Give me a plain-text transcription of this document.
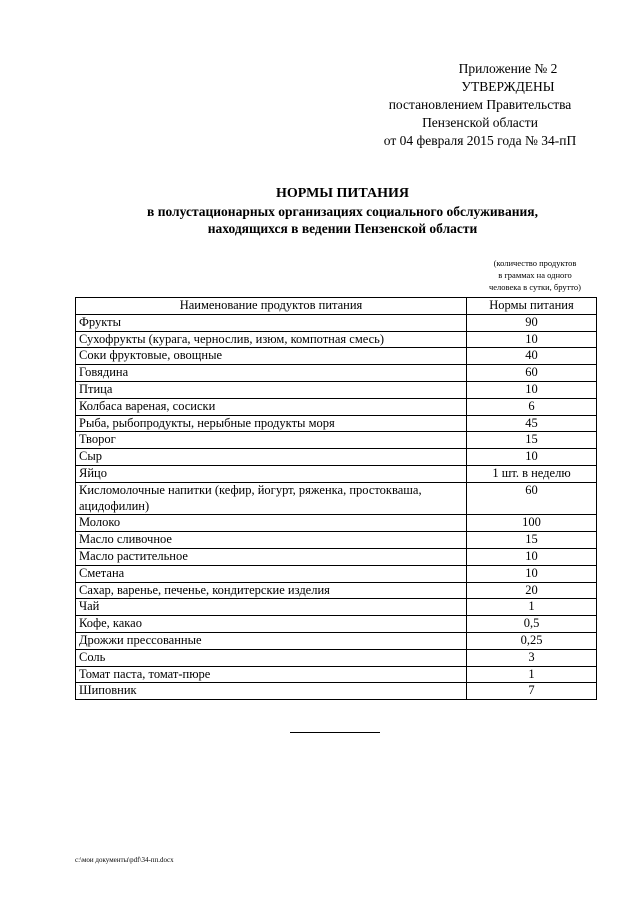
Приложение № 2
УТВЕРЖДЕНЫ
постановлением Правительства
Пензенской области
от 04 февраля 2015 года № 34-пП
НОРМЫ ПИТАНИЯ
в полустационарных организациях социального обслуживания,
находящихся в ведении Пензенской области
(количество продуктов
в граммах на одного
человека в сутки, брутто)
Наименование продуктов питания	Нормы питания
Фрукты	90
Сухофрукты (курага, чернослив, изюм, компотная смесь)	10
Соки фруктовые, овощные	40
Говядина	60
Птица	10
Колбаса вареная, сосиски	6
Рыба, рыбопродукты, нерыбные продукты моря	45
Творог	15
Сыр	10
Яйцо	1 шт. в неделю
Кисломолочные напитки (кефир, йогурт, ряженка, простокваша, ацидофилин)	60
Молоко	100
Масло сливочное	15
Масло растительное	10
Сметана	10
Сахар, варенье, печенье, кондитерские изделия	20
Чай	1
Кофе, какао	0,5
Дрожжи прессованные	0,25
Соль	3
Томат паста, томат-пюре	1
Шиповник	7
c:\мои документы\pdf\34-пп.docx
